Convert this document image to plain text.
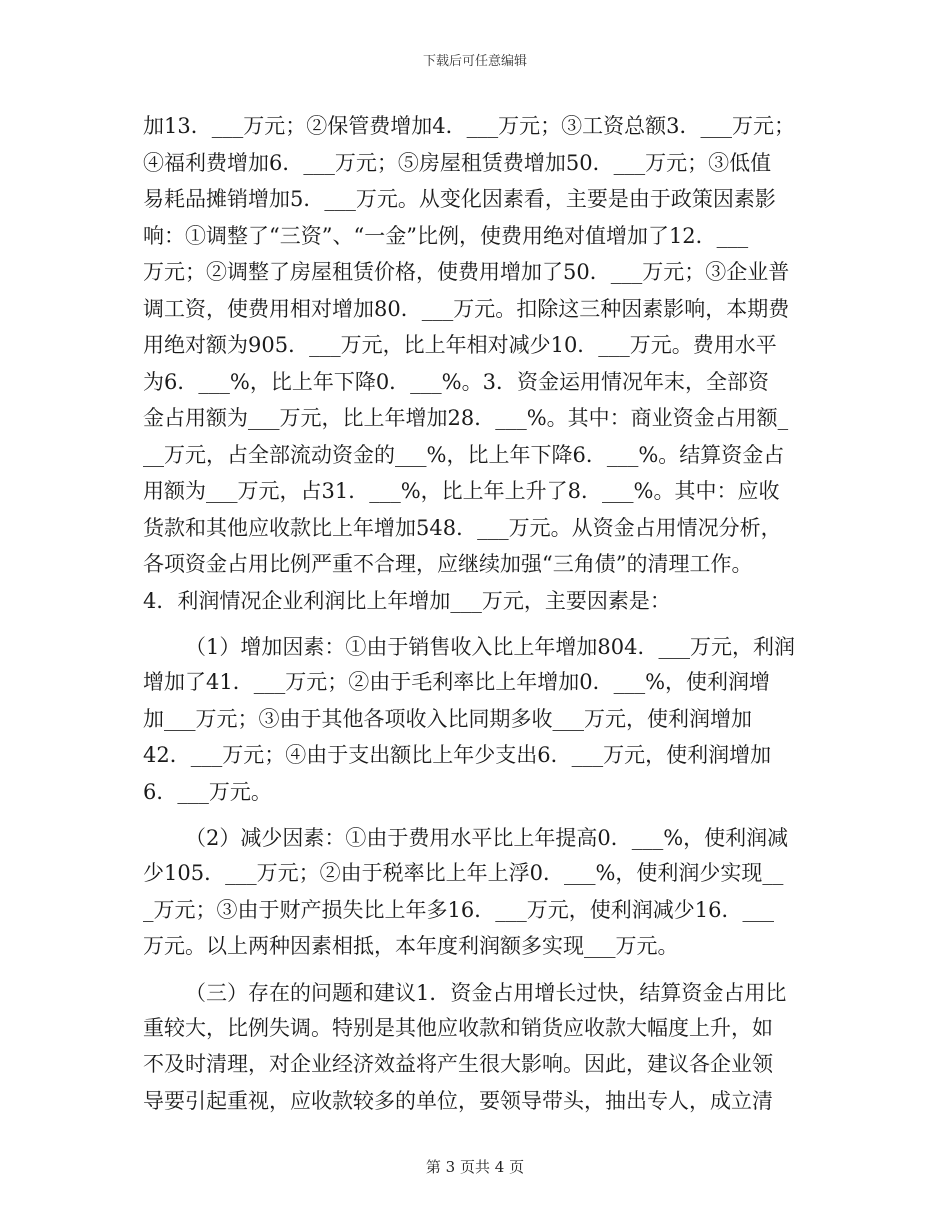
下载后可任意编辑
加13．___万元；②保管费增加4．___万元；③工资总额3．___万元；
④福利费增加6．___万元；⑤房屋租赁费增加50．___万元；③低值
易耗品摊销增加5．___万元。从变化因素看，主要是由于政策因素影
响：①调整了“三资”、“一金”比例，使费用绝对值增加了12．___
万元；②调整了房屋租赁价格，使费用增加了50．___万元；③企业普
调工资，使费用相对增加80．___万元。扣除这三种因素影响，本期费
用绝对额为905．___万元，比上年相对减少10．___万元。费用水平
为6．___%，比上年下降0．___%。3．资金运用情况年末，全部资
金占用额为___万元，比上年增加28．___%。其中：商业资金占用额_
__万元，占全部流动资金的___%，比上年下降6．___%。结算资金占
用额为___万元，占31．___%，比上年上升了8．___%。其中：应收
货款和其他应收款比上年增加548．___万元。从资金占用情况分析，
各项资金占用比例严重不合理，应继续加强“三角债”的清理工作。
4．利润情况企业利润比上年增加___万元，主要因素是：
（1）增加因素：①由于销售收入比上年增加804．___万元，利润
增加了41．___万元；②由于毛利率比上年增加0．___%，使利润增
加___万元；③由于其他各项收入比同期多收___万元，使利润增加
42．___万元；④由于支出额比上年少支出6．___万元，使利润增加
6．___万元。
（2）减少因素：①由于费用水平比上年提高0．___%，使利润减
少105．___万元；②由于税率比上年上浮0．___%，使利润少实现__
_万元；③由于财产损失比上年多16．___万元，使利润减少16．___
万元。以上两种因素相抵，本年度利润额多实现___万元。
（三）存在的问题和建议1．资金占用增长过快，结算资金占用比
重较大，比例失调。特别是其他应收款和销货应收款大幅度上升，如
不及时清理，对企业经济效益将产生很大影响。因此，建议各企业领
导要引起重视，应收款较多的单位，要领导带头，抽出专人，成立清
第 3 页共 4 页
